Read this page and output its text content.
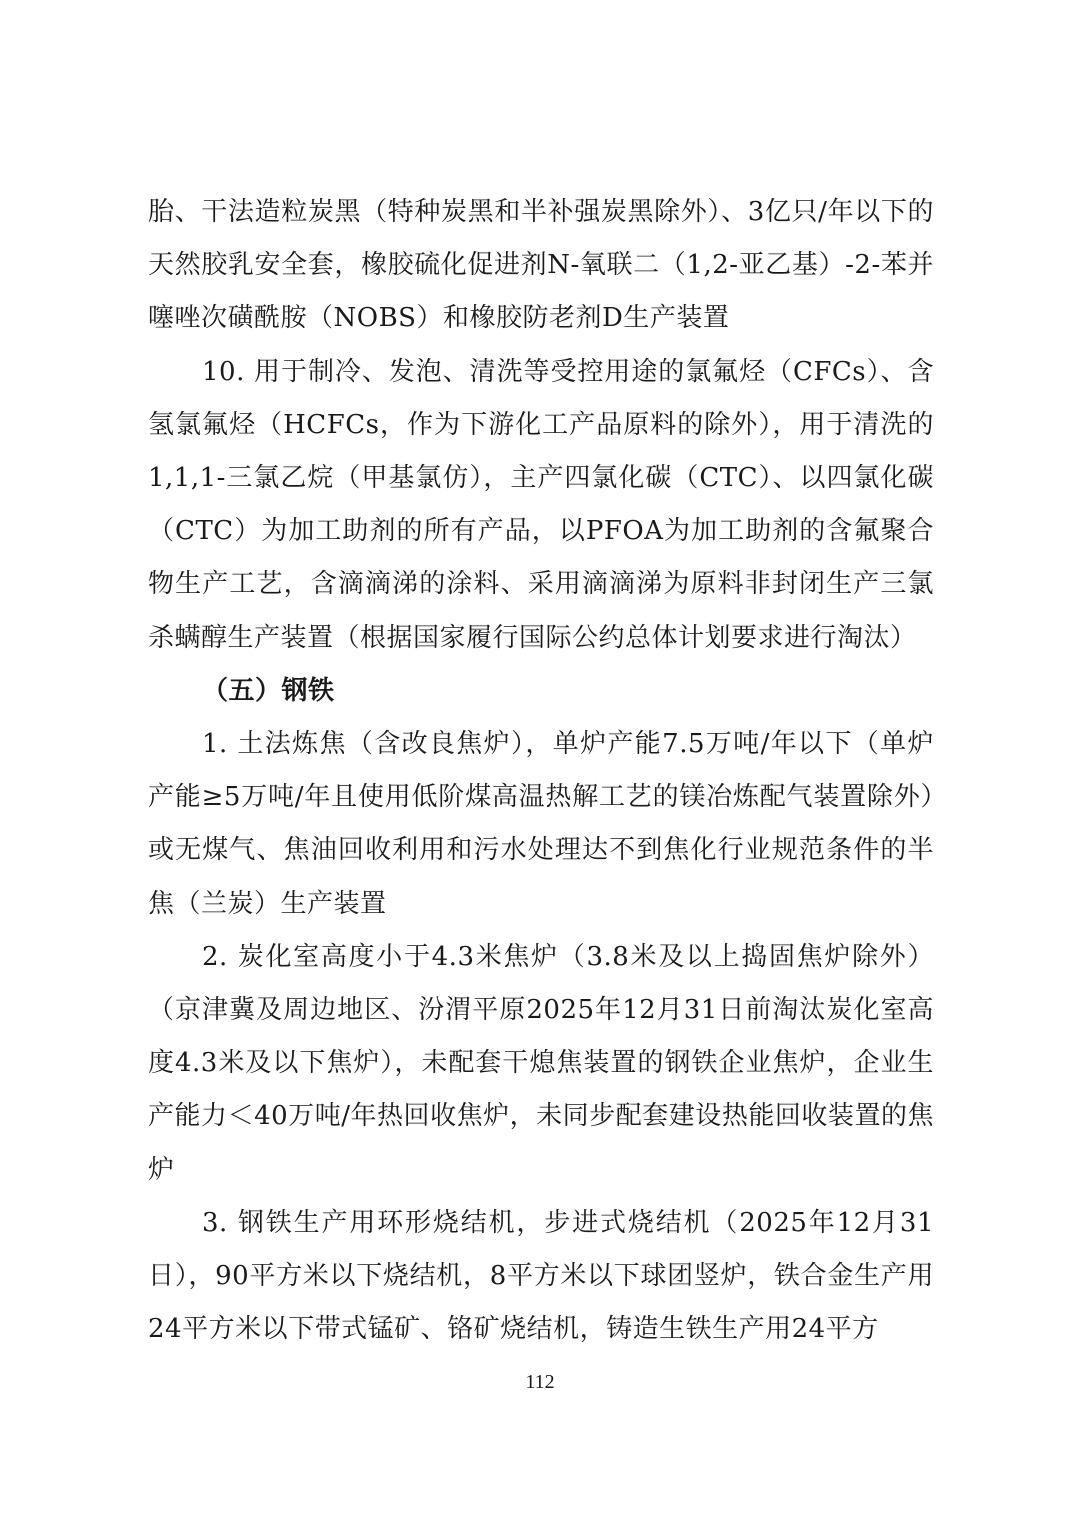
胎、干法造粒炭黑（特种炭黑和半补强炭黑除外）、3亿只/年以下的天然胶乳安全套，橡胶硫化促进剂N-氧联二（1,2-亚乙基）-2-苯并噻唑次磺酰胺（NOBS）和橡胶防老剂D生产装置

10. 用于制冷、发泡、清洗等受控用途的氯氟烃（CFCs）、含氢氯氟烃（HCFCs，作为下游化工产品原料的除外），用于清洗的1,1,1-三氯乙烷（甲基氯仿），主产四氯化碳（CTC）、以四氯化碳（CTC）为加工助剂的所有产品，以PFOA为加工助剂的含氟聚合物生产工艺，含滴滴涕的涂料、采用滴滴涕为原料非封闭生产三氯杀螨醇生产装置（根据国家履行国际公约总体计划要求进行淘汰）

（五）钢铁

1. 土法炼焦（含改良焦炉），单炉产能7.5万吨/年以下（单炉产能≥5万吨/年且使用低阶煤高温热解工艺的镁冶炼配气装置除外）或无煤气、焦油回收利用和污水处理达不到焦化行业规范条件的半焦（兰炭）生产装置

2. 炭化室高度小于4.3米焦炉（3.8米及以上捣固焦炉除外）（京津冀及周边地区、汾渭平原2025年12月31日前淘汰炭化室高度4.3米及以下焦炉），未配套干熄焦装置的钢铁企业焦炉，企业生产能力＜40万吨/年热回收焦炉，未同步配套建设热能回收装置的焦炉

3. 钢铁生产用环形烧结机，步进式烧结机（2025年12月31日），90平方米以下烧结机，8平方米以下球团竖炉，铁合金生产用24平方米以下带式锰矿、铬矿烧结机，铸造生铁生产用24平方

112
